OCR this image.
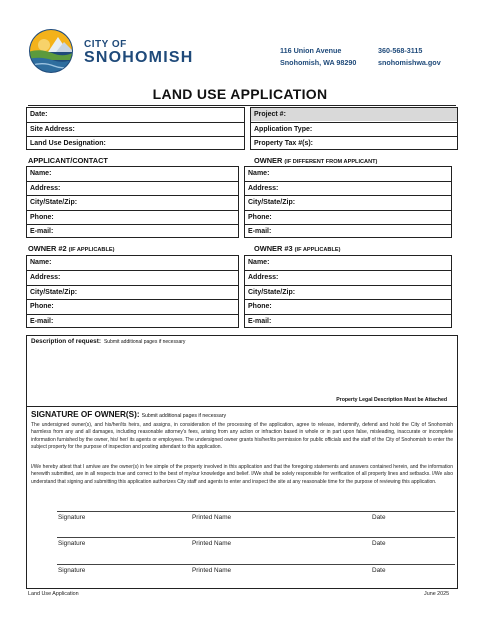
CITY OF
SNOHOMISH	116 Union Avenue
Snohomish, WA 98290
360-568-3115
snohomishwa.gov
LAND USE APPLICATION
Date:
Site Address:
Land Use Designation:
Project #:
Application Type:
Property Tax #(s):
APPLICANT/CONTACT	OWNER (IF DIFFERENT FROM APPLICANT)
Name:
Address:
City/State/Zip:
Phone:
E-mail:
Name:
Address:
City/State/Zip:
Phone:
E-mail:
OWNER #2 (IF APPLICABLE)	OWNER #3 (IF APPLICABLE)
Name:
Address:
City/State/Zip:
Phone:
E-mail:
Name:
Address:
City/State/Zip:
Phone:
E-mail:
Description of request: Submit additional pages if necessary
Property Legal Description Must be Attached
SIGNATURE OF OWNER(S): Submit additional pages if necessary
The undersigned owner(s), and his/her/its heirs, and assigns, in consideration of the processing of the application, agree to release, indemnify, defend and hold the City of Snohomish harmless from any and all damages, including reasonable attorney's fees, arising from any action or infraction based in whole or in part upon false, misleading, inaccurate or incomplete information furnished by the owner, his/ her/ its agents or employees. The undersigned owner grants his/her/its permission for public officials and the staff of the City of Snohomish to enter the subject property for the purpose of inspection and posting attendant to this application.
I/We hereby attest that I am/we are the owner(s) in fee simple of the property involved in this application and that the foregoing statements and answers contained herein, and the information herewith submitted, are in all respects true and correct to the best of my/our knowledge and belief. I/We shall be solely responsible for verification of all property lines and setbacks. I/We also understand that signing and submitting this application authorizes City staff and agents to enter and inspect the site at any reasonable time for the purpose of reviewing this application.
Signature	Printed Name	Date
Signature	Printed Name	Date
Signature	Printed Name	Date
Land Use Application	June 2025
